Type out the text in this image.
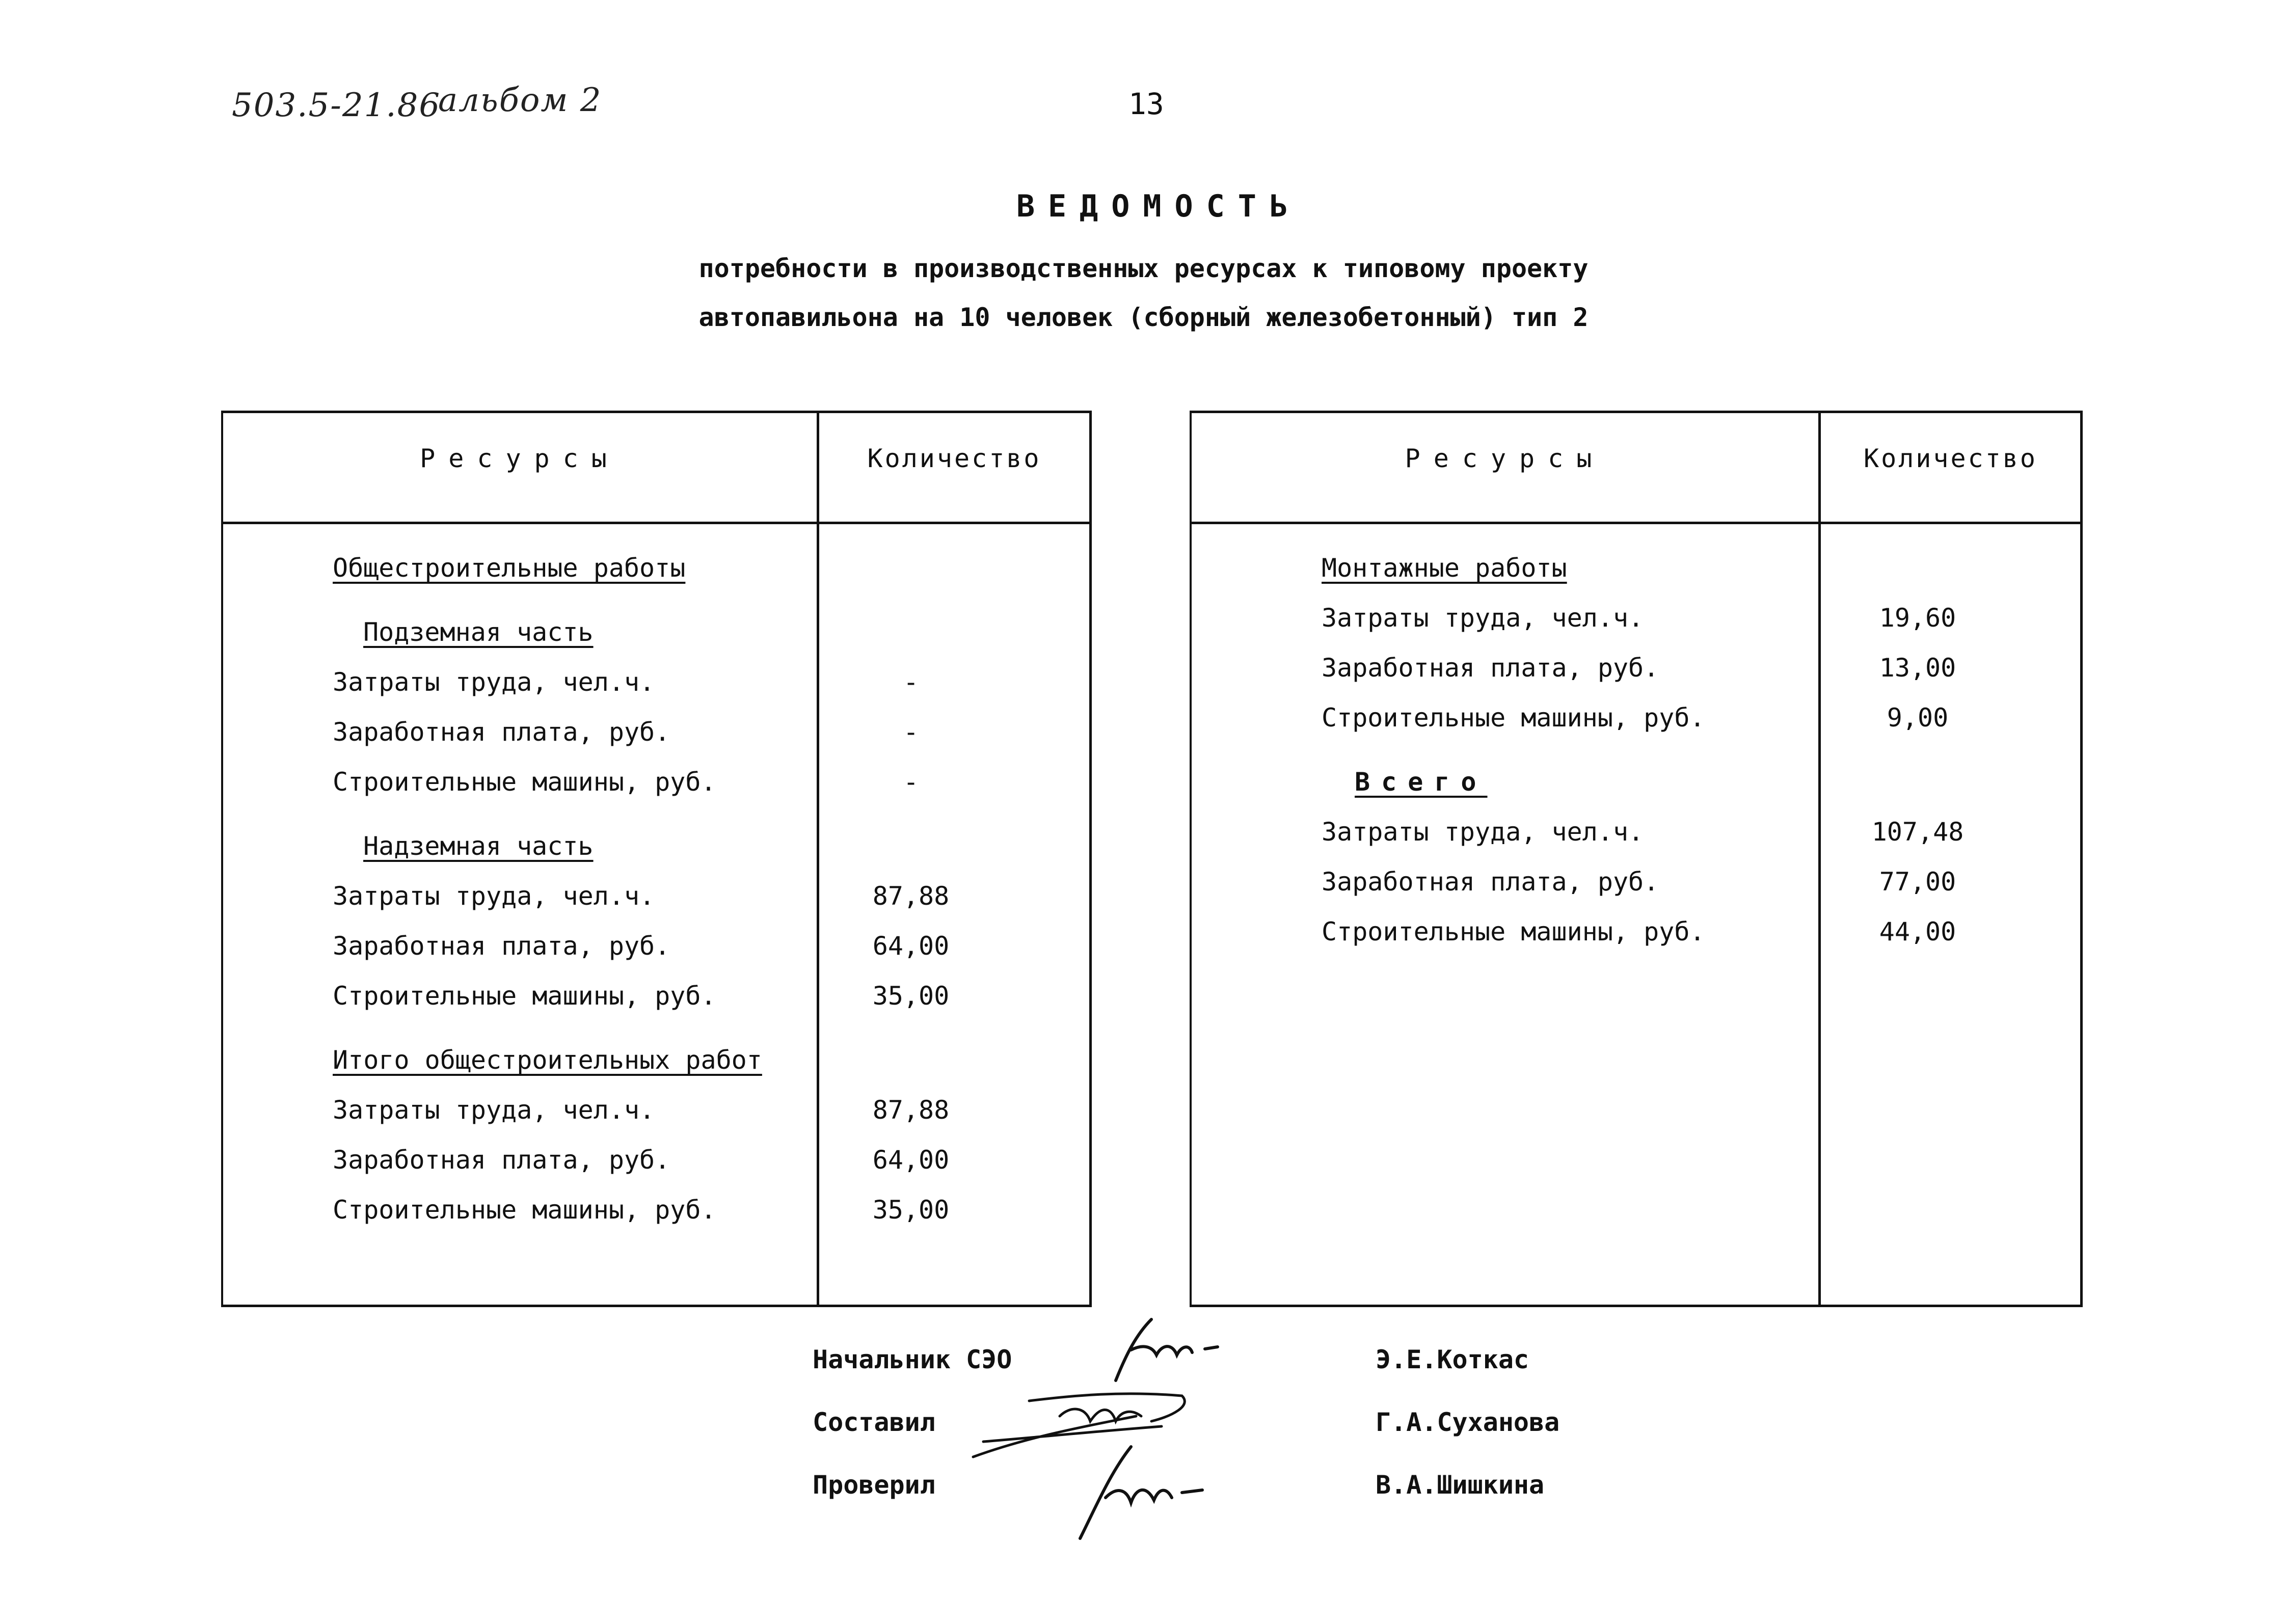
503.5-21.86
альбом 2	13
ВЕДОМОСТЬ
потребности в производственных ресурсах к типовому проекту
автопавильона на 10 человек (сборный железобетонный) тип 2
Ресурсы	Количество
Общестроительные работы
Подземная часть
Затраты труда, чел.ч.	-
Заработная плата, руб.	-
Строительные машины, руб.	-
Надземная часть
Затраты труда, чел.ч.	87,88
Заработная плата, руб.	64,00
Строительные машины, руб.	35,00
Итого общестроительных работ
Затраты труда, чел.ч.	87,88
Заработная плата, руб.	64,00
Строительные машины, руб.	35,00
Ресурсы	Количество
Монтажные работы
Затраты труда, чел.ч.	19,60
Заработная плата, руб.	13,00
Строительные машины, руб.	9,00
Всего
Затраты труда, чел.ч.	107,48
Заработная плата, руб.	77,00
Строительные машины, руб.	44,00
Начальник СЭО
Составил
Проверил
Э.Е.Коткас
Г.А.Суханова
В.А.Шишкина
